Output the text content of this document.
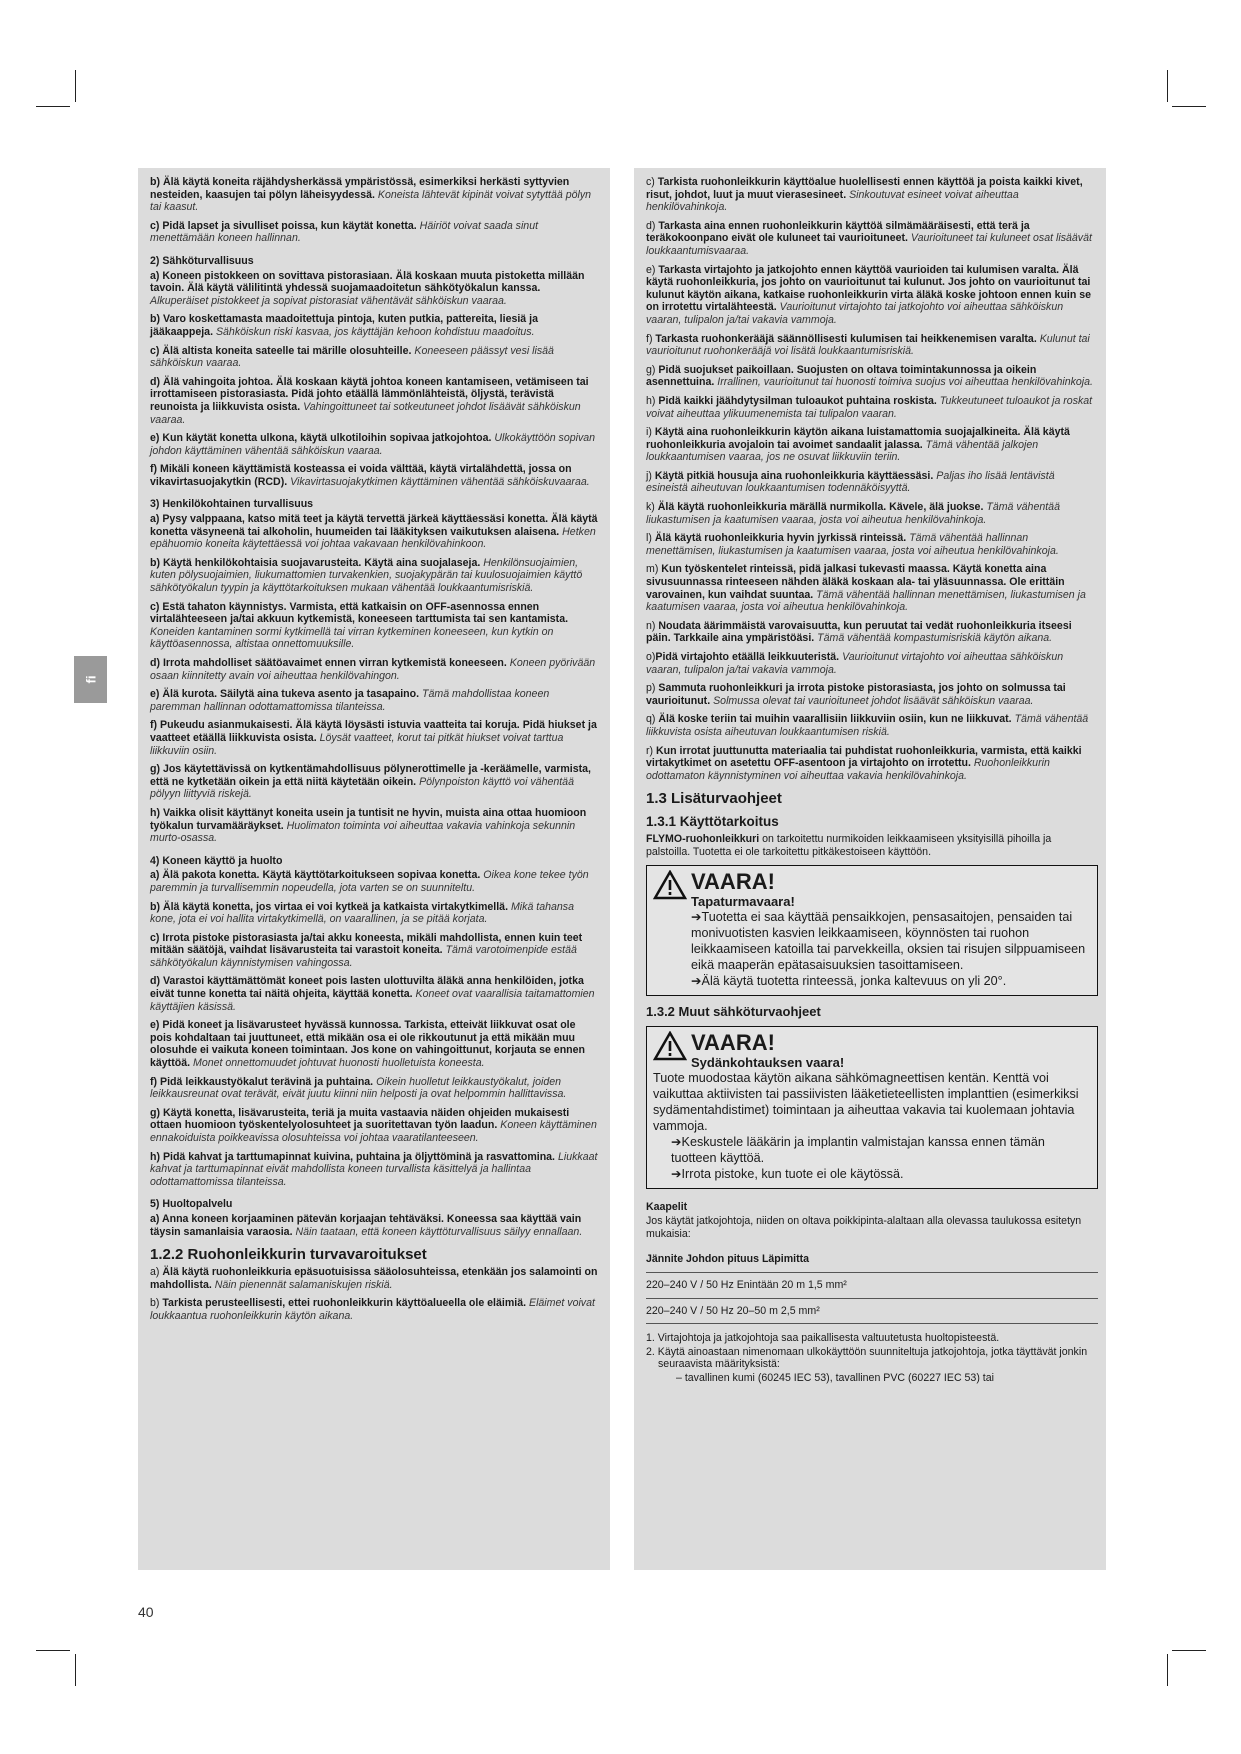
fi
b) Älä käytä koneita räjähdysherkässä ympäristössä, esimerkiksi herkästi syttyvien nesteiden, kaasujen tai pölyn läheisyydessä. Koneista lähtevät kipinät voivat sytyttää pölyn tai kaasut.
c) Pidä lapset ja sivulliset poissa, kun käytät konetta. Häiriöt voivat saada sinut menettämään koneen hallinnan.
2) Sähköturvallisuus
a) Koneen pistokkeen on sovittava pistorasiaan. Älä koskaan muuta pistoketta millään tavoin. Älä käytä välilitintä yhdessä suojamaadoitetun sähkötyökalun kanssa. Alkuperäiset pistokkeet ja sopivat pistorasiat vähentävät sähköiskun vaaraa.
b) Varo koskettamasta maadoitettuja pintoja, kuten putkia, pattereita, liesiä ja jääkaappeja. Sähköiskun riski kasvaa, jos käyttäjän kehoon kohdistuu maadoitus.
c) Älä altista koneita sateelle tai märille olosuhteille. Koneeseen päässyt vesi lisää sähköiskun vaaraa.
d) Älä vahingoita johtoa. Älä koskaan käytä johtoa koneen kantamiseen, vetämiseen tai irrottamiseen pistorasiasta. Pidä johto etäällä lämmönlähteistä, öljystä, terävistä reunoista ja liikkuvista osista. Vahingoittuneet tai sotkeutuneet johdot lisäävät sähköiskun vaaraa.
e) Kun käytät konetta ulkona, käytä ulkotiloihin sopivaa jatkojohtoa. Ulkokäyttöön sopivan johdon käyttäminen vähentää sähköiskun vaaraa.
f) Mikäli koneen käyttämistä kosteassa ei voida välttää, käytä virtalähdettä, jossa on vikavirtasuojakytkin (RCD). Vikavirtasuojakytkimen käyttäminen vähentää sähköiskuvaaraa.
3) Henkilökohtainen turvallisuus
a) Pysy valppaana, katso mitä teet ja käytä tervettä järkeä käyttäessäsi konetta. Älä käytä konetta väsyneenä tai alkoholin, huumeiden tai lääkityksen vaikutuksen alaisena. Hetken epähuomio koneita käytettäessä voi johtaa vakavaan henkilövahinkoon.
b) Käytä henkilökohtaisia suojavarusteita. Käytä aina suojalaseja. Henkilönsuojaimien, kuten pölysuojaimien, liukumattomien turvakenkien, suojakypärän tai kuulosuojaimien käyttö sähkötyökalun tyypin ja käyttötarkoituksen mukaan vähentää loukkaantumisriskiä.
c) Estä tahaton käynnistys. Varmista, että katkaisin on OFF-asennossa ennen virtalähteeseen ja/tai akkuun kytkemistä, koneeseen tarttumista tai sen kantamista. Koneiden kantaminen sormi kytkimellä tai virran kytkeminen koneeseen, kun kytkin on käyttöasennossa, altistaa onnettomuuksille.
d) Irrota mahdolliset säätöavaimet ennen virran kytkemistä koneeseen. Koneen pyörivään osaan kiinnitetty avain voi aiheuttaa henkilövahingon.
e) Älä kurota. Säilytä aina tukeva asento ja tasapaino. Tämä mahdollistaa koneen paremman hallinnan odottamattomissa tilanteissa.
f) Pukeudu asianmukaisesti. Älä käytä löysästi istuvia vaatteita tai koruja. Pidä hiukset ja vaatteet etäällä liikkuvista osista. Löysät vaatteet, korut tai pitkät hiukset voivat tarttua liikkuviin osiin.
g) Jos käytettävissä on kytkentämahdollisuus pölynerottimelle ja -keräämelle, varmista, että ne kytketään oikein ja että niitä käytetään oikein. Pölynpoiston käyttö voi vähentää pölyyn liittyviä riskejä.
h) Vaikka olisit käyttänyt koneita usein ja tuntisit ne hyvin, muista aina ottaa huomioon työkalun turvamääräykset. Huolimaton toiminta voi aiheuttaa vakavia vahinkoja sekunnin murto-osassa.
4) Koneen käyttö ja huolto
a) Älä pakota konetta. Käytä käyttötarkoitukseen sopivaa konetta. Oikea kone tekee työn paremmin ja turvallisemmin nopeudella, jota varten se on suunniteltu.
b) Älä käytä konetta, jos virtaa ei voi kytkeä ja katkaista virtakytkimellä. Mikä tahansa kone, jota ei voi hallita virtakytkimellä, on vaarallinen, ja se pitää korjata.
c) Irrota pistoke pistorasiasta ja/tai akku koneesta, mikäli mahdollista, ennen kuin teet mitään säätöjä, vaihdat lisävarusteita tai varastoit koneita. Tämä varotoimenpide estää sähkötyökalun käynnistymisen vahingossa.
d) Varastoi käyttämättömät koneet pois lasten ulottuvilta äläkä anna henkilöiden, jotka eivät tunne konetta tai näitä ohjeita, käyttää konetta. Koneet ovat vaarallisia taitamattomien käyttäjien käsissä.
e) Pidä koneet ja lisävarusteet hyvässä kunnossa. Tarkista, etteivät liikkuvat osat ole pois kohdaltaan tai juuttuneet, että mikään osa ei ole rikkoutunut ja että mikään muu olosuhde ei vaikuta koneen toimintaan. Jos kone on vahingoittunut, korjauta se ennen käyttöä. Monet onnettomuudet johtuvat huonosti huolletuista koneesta.
f) Pidä leikkaustyökalut terävinä ja puhtaina. Oikein huolletut leikkaustyökalut, joiden leikkausreunat ovat terävät, eivät juutu kiinni niin helposti ja ovat helpommin hallittavissa.
g) Käytä konetta, lisävarusteita, teriä ja muita vastaavia näiden ohjeiden mukaisesti ottaen huomioon työskentelyolosuhteet ja suoritettavan työn laadun. Koneen käyttäminen ennakoiduista poikkeavissa olosuhteissa voi johtaa vaaratilanteeseen.
h) Pidä kahvat ja tarttumapinnat kuivina, puhtaina ja öljyttöminä ja rasvattomina. Liukkaat kahvat ja tarttumapinnat eivät mahdollista koneen turvallista käsittelyä ja hallintaa odottamattomissa tilanteissa.
5) Huoltopalvelu
a) Anna koneen korjaaminen pätevän korjaajan tehtäväksi. Koneessa saa käyttää vain täysin samanlaisia varaosia. Näin taataan, että koneen käyttöturvallisuus säilyy ennallaan.
1.2.2 Ruohonleikkurin turvavaroitukset
a) Älä käytä ruohonleikkuria epäsuotuisissa sääolosuhteissa, etenkään jos salamointi on mahdollista. Näin pienennät salamaniskujen riskiä.
b) Tarkista perusteellisesti, ettei ruohonleikkurin käyttöalueella ole eläimiä. Eläimet voivat loukkaantua ruohonleikkurin käytön aikana.
c) Tarkista ruohonleikkurin käyttöalue huolellisesti ennen käyttöä ja poista kaikki kivet, risut, johdot, luut ja muut vierasesineet. Sinkoutuvat esineet voivat aiheuttaa henkilövahinkoja.
d) Tarkasta aina ennen ruohonleikkurin käyttöä silmämääräisesti, että terä ja teräkokoonpano eivät ole kuluneet tai vaurioituneet. Vaurioituneet tai kuluneet osat lisäävät loukkaantumisvaaraa.
e) Tarkasta virtajohto ja jatkojohto ennen käyttöä vaurioiden tai kulumisen varalta. Älä käytä ruohonleikkuria, jos johto on vaurioitunut tai kulunut. Jos johto on vaurioitunut tai kulunut käytön aikana, katkaise ruohonleikkurin virta äläkä koske johtoon ennen kuin se on irrotettu virtalähteestä. Vaurioitunut virtajohto tai jatkojohto voi aiheuttaa sähköiskun vaaran, tulipalon ja/tai vakavia vammoja.
f) Tarkasta ruohonkerääjä säännöllisesti kulumisen tai heikkenemisen varalta. Kulunut tai vaurioitunut ruohonkerääjä voi lisätä loukkaantumisriskiä.
g) Pidä suojukset paikoillaan. Suojusten on oltava toimintakunnossa ja oikein asennettuina. Irrallinen, vaurioitunut tai huonosti toimiva suojus voi aiheuttaa henkilövahinkoja.
h) Pidä kaikki jäähdytysilman tuloaukot puhtaina roskista. Tukkeutuneet tuloaukot ja roskat voivat aiheuttaa ylikuumenemista tai tulipalon vaaran.
i) Käytä aina ruohonleikkurin käytön aikana luistamattomia suojajalkineita. Älä käytä ruohonleikkuria avojaloin tai avoimet sandaalit jalassa. Tämä vähentää jalkojen loukkaantumisen vaaraa, jos ne osuvat liikkuviin teriin.
j) Käytä pitkiä housuja aina ruohonleikkuria käyttäessäsi. Paljas iho lisää lentävistä esineistä aiheutuvan loukkaantumisen todennäköisyyttä.
k) Älä käytä ruohonleikkuria märällä nurmikolla. Kävele, älä juokse. Tämä vähentää liukastumisen ja kaatumisen vaaraa, josta voi aiheutua henkilövahinkoja.
l) Älä käytä ruohonleikkuria hyvin jyrkissä rinteissä. Tämä vähentää hallinnan menettämisen, liukastumisen ja kaatumisen vaaraa, josta voi aiheutua henkilövahinkoja.
m) Kun työskentelet rinteissä, pidä jalkasi tukevasti maassa. Käytä konetta aina sivusuunnassa rinteeseen nähden äläkä koskaan ala- tai yläsuunnassa. Ole erittäin varovainen, kun vaihdat suuntaa. Tämä vähentää hallinnan menettämisen, liukastumisen ja kaatumisen vaaraa, josta voi aiheutua henkilövahinkoja.
n) Noudata äärimmäistä varovaisuutta, kun peruutat tai vedät ruohonleikkuria itseesi päin. Tarkkaile aina ympäristöäsi. Tämä vähentää kompastumisriskiä käytön aikana.
o)Pidä virtajohto etäällä leikkuuteristä. Vaurioitunut virtajohto voi aiheuttaa sähköiskun vaaran, tulipalon ja/tai vakavia vammoja.
p) Sammuta ruohonleikkuri ja irrota pistoke pistorasiasta, jos johto on solmussa tai vaurioitunut. Solmussa olevat tai vaurioituneet johdot lisäävät sähköiskun vaaraa.
q) Älä koske teriin tai muihin vaarallisiin liikkuviin osiin, kun ne liikkuvat. Tämä vähentää liikkuvista osista aiheutuvan loukkaantumisen riskiä.
r) Kun irrotat juuttunutta materiaalia tai puhdistat ruohonleikkuria, varmista, että kaikki virtakytkimet on asetettu OFF-asentoon ja virtajohto on irrotettu. Ruohonleikkurin odottamaton käynnistyminen voi aiheuttaa vakavia henkilövahinkoja.
1.3 Lisäturvaohjeet
1.3.1 Käyttötarkoitus
FLYMO-ruohonleikkuri on tarkoitettu nurmikoiden leikkaamiseen yksityisillä pihoilla ja palstoilla. Tuotetta ei ole tarkoitettu pitkäkestoiseen käyttöön.
VAARA!
Tapaturmavaara!
➔Tuotetta ei saa käyttää pensaikkojen, pensasaitojen, pensaiden tai monivuotisten kasvien leikkaamiseen, köynnösten tai ruohon leikkaamiseen katoilla tai parvekkeilla, oksien tai risujen silppuamiseen eikä maaperän epätasaisuuksien tasoittamiseen.
➔Älä käytä tuotetta rinteessä, jonka kaltevuus on yli 20°.
1.3.2 Muut sähköturvaohjeet
VAARA!
Sydänkohtauksen vaara!
Tuote muodostaa käytön aikana sähkömagneettisen kentän. Kenttä voi vaikuttaa aktiivisten tai passiivisten lääketieteellisten implanttien (esimerkiksi sydämentahdistimet) toimintaan ja aiheuttaa vakavia tai kuolemaan johtavia vammoja.
➔Keskustele lääkärin ja implantin valmistajan kanssa ennen tämän tuotteen käyttöä.
➔Irrota pistoke, kun tuote ei ole käytössä.
Kaapelit
Jos käytät jatkojohtoja, niiden on oltava poikkipinta-alaltaan alla olevassa taulukossa esitetyn mukaisia:
Jännite Johdon pituus Läpimitta
220–240 V / 50 Hz Enintään 20 m 1,5 mm²
220–240 V / 50 Hz 20–50 m 2,5 mm²
1. Virtajohtoja ja jatkojohtoja saa paikallisesta valtuutetusta huoltopisteestä.
2. Käytä ainoastaan nimenomaan ulkokäyttöön suunniteltuja jatkojohtoja, jotka täyttävät jonkin seuraavista määrityksistä:
– tavallinen kumi (60245 IEC 53), tavallinen PVC (60227 IEC 53) tai
40
